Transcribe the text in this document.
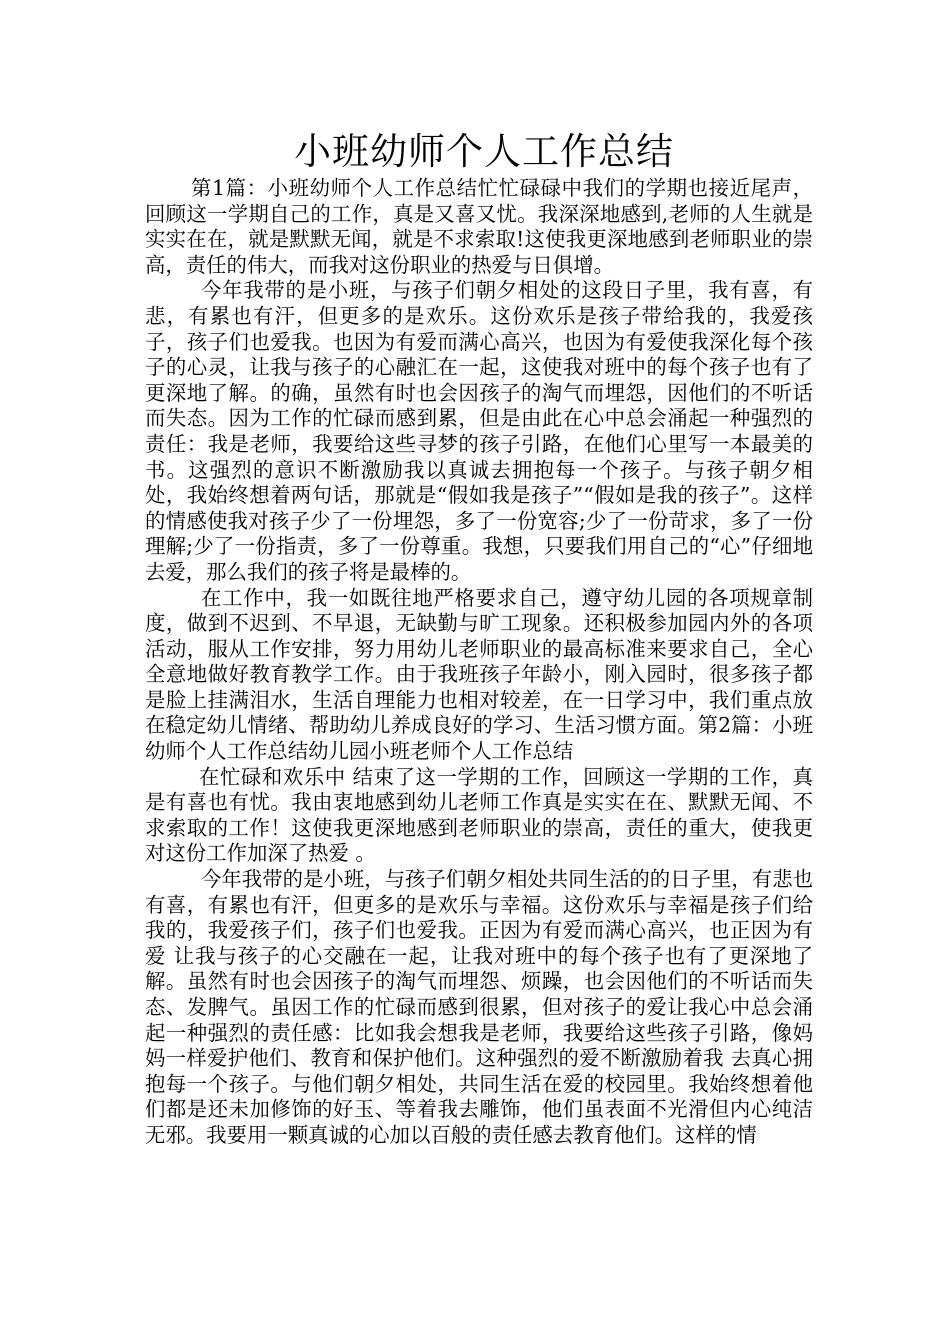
小班幼师个人工作总结

第1篇：小班幼师个人工作总结忙忙碌碌中我们的学期也接近尾声，回顾这一学期自己的工作，真是又喜又忧。我深深地感到,老师的人生就是实实在在，就是默默无闻，就是不求索取!这使我更深地感到老师职业的崇高，责任的伟大，而我对这份职业的热爱与日俱增。

今年我带的是小班，与孩子们朝夕相处的这段日子里，我有喜，有悲，有累也有汗，但更多的是欢乐。这份欢乐是孩子带给我的，我爱孩子，孩子们也爱我。也因为有爱而满心高兴，也因为有爱使我深化每个孩子的心灵，让我与孩子的心融汇在一起，这使我对班中的每个孩子也有了更深地了解。的确，虽然有时也会因孩子的淘气而埋怨，因他们的不听话而失态。因为工作的忙碌而感到累，但是由此在心中总会涌起一种强烈的责任：我是老师，我要给这些寻梦的孩子引路，在他们心里写一本最美的书。这强烈的意识不断激励我以真诚去拥抱每一个孩子。与孩子朝夕相处，我始终想着两句话，那就是“假如我是孩子”“假如是我的孩子”。这样的情感使我对孩子少了一份埋怨，多了一份宽容;少了一份苛求，多了一份理解;少了一份指责，多了一份尊重。我想，只要我们用自己的“心”仔细地去爱，那么我们的孩子将是最棒的。

在工作中，我一如既往地严格要求自己，遵守幼儿园的各项规章制度，做到不迟到、不早退，无缺勤与旷工现象。还积极参加园内外的各项活动，服从工作安排，努力用幼儿老师职业的最高标准来要求自己，全心全意地做好教育教学工作。由于我班孩子年龄小，刚入园时，很多孩子都是脸上挂满泪水，生活自理能力也相对较差，在一日学习中，我们重点放在稳定幼儿情绪、帮助幼儿养成良好的学习、生活习惯方面。第2篇：小班幼师个人工作总结幼儿园小班老师个人工作总结

在忙碌和欢乐中 结束了这一学期的工作，回顾这一学期的工作，真是有喜也有忧。我由衷地感到幼儿老师工作真是实实在在、默默无闻、不求索取的工作！这使我更深地感到老师职业的崇高，责任的重大，使我更对这份工作加深了热爱 。

今年我带的是小班，与孩子们朝夕相处共同生活的的日子里，有悲也有喜，有累也有汗，但更多的是欢乐与幸福。这份欢乐与幸福是孩子们给我的，我爱孩子们，孩子们也爱我。正因为有爱而满心高兴，也正因为有爱 让我与孩子的心交融在一起，让我对班中的每个孩子也有了更深地了解。虽然有时也会因孩子的淘气而埋怨、烦躁，也会因他们的不听话而失态、发脾气。虽因工作的忙碌而感到很累，但对孩子的爱让我心中总会涌起一种强烈的责任感：比如我会想我是老师，我要给这些孩子引路，像妈妈一样爱护他们、教育和保护他们。这种强烈的爱不断激励着我 去真心拥抱每一个孩子。与他们朝夕相处，共同生活在爱的校园里。我始终想着他们都是还未加修饰的好玉、等着我去雕饰，他们虽表面不光滑但内心纯洁无邪。我要用一颗真诚的心加以百般的责任感去教育他们。这样的情
